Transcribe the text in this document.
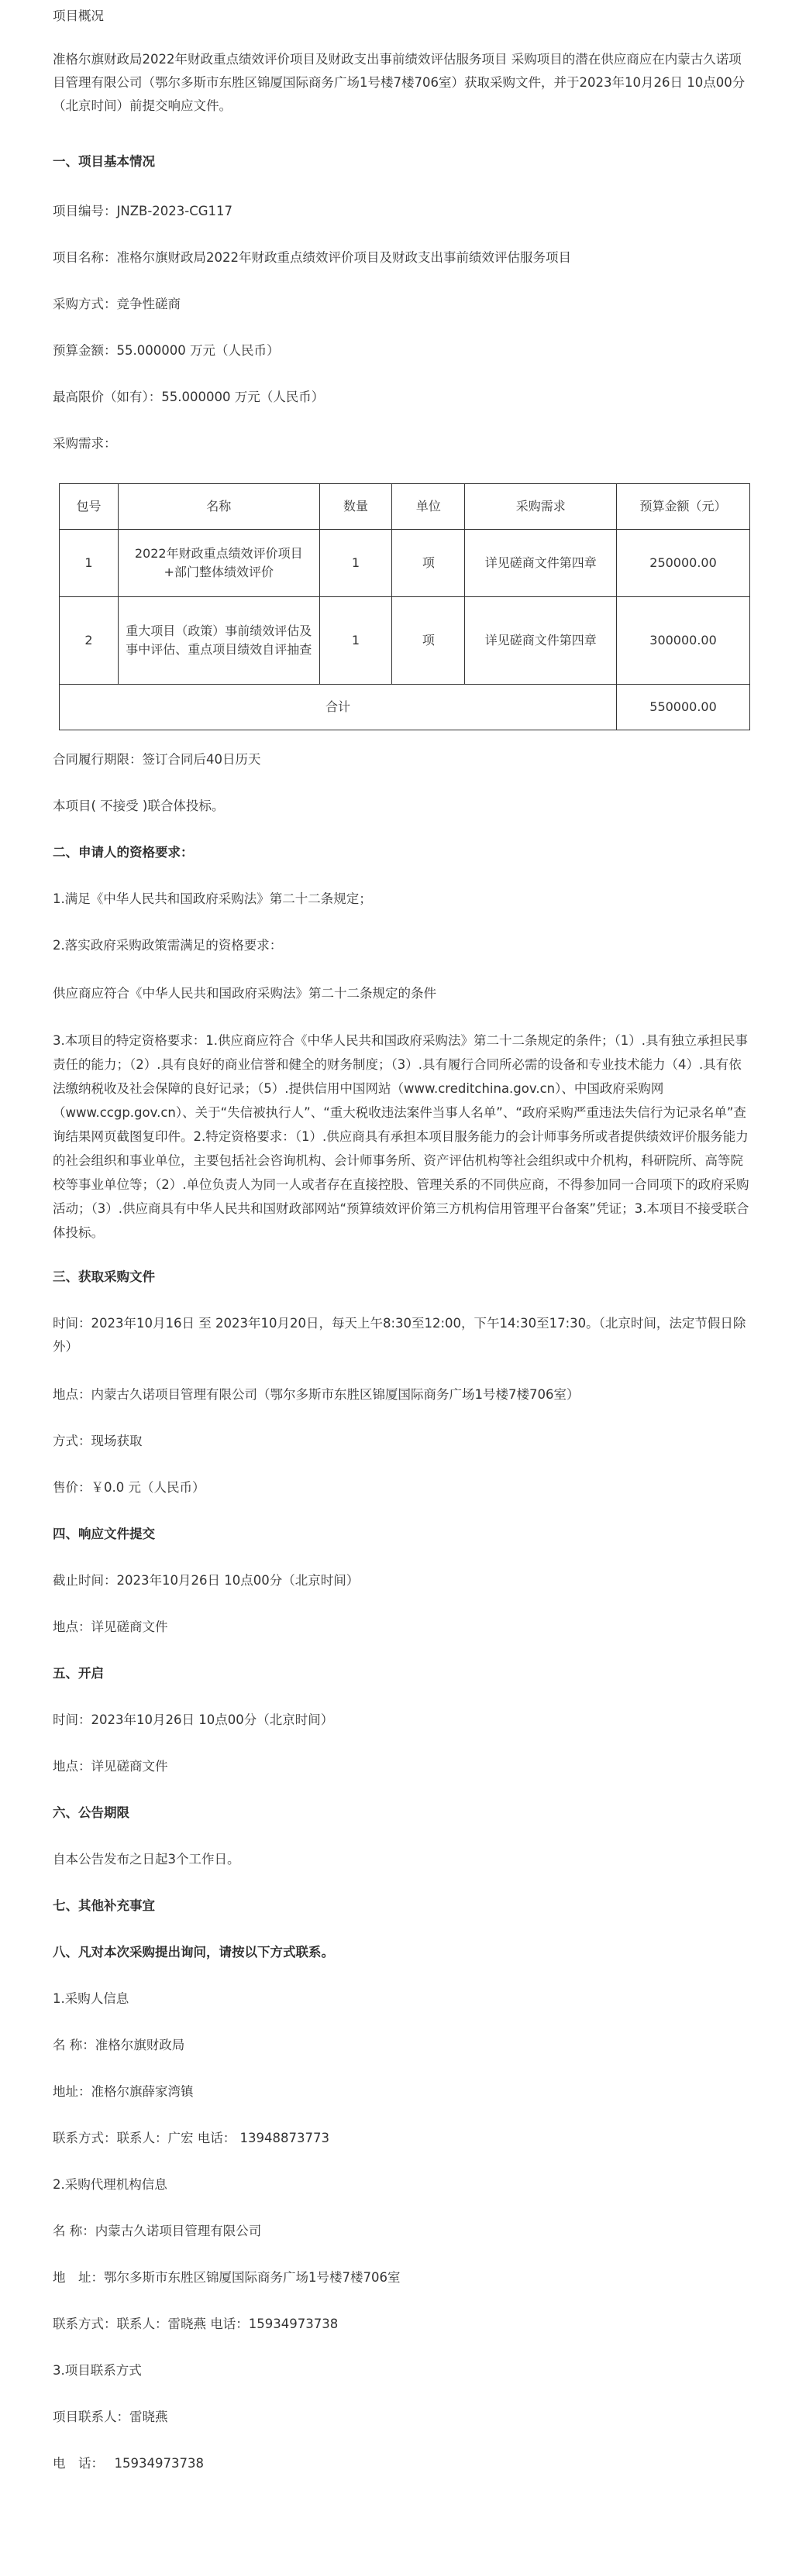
项目概况

准格尔旗财政局2022年财政重点绩效评价项目及财政支出事前绩效评估服务项目 采购项目的潜在供应商应在内蒙古久诺项目管理有限公司（鄂尔多斯市东胜区锦厦国际商务广场1号楼7楼706室）获取采购文件，并于2023年10月26日 10点00分（北京时间）前提交响应文件。

一、项目基本情况

项目编号：JNZB-2023-CG117

项目名称：准格尔旗财政局2022年财政重点绩效评价项目及财政支出事前绩效评估服务项目

采购方式：竞争性磋商

预算金额：55.000000 万元（人民币）

最高限价（如有）：55.000000 万元（人民币）

采购需求：

包号	名称	数量	单位	采购需求	预算金额（元）
1	2022年财政重点绩效评价项目+部门整体绩效评价	1	项	详见磋商文件第四章	250000.00
2	重大项目（政策）事前绩效评估及事中评估、重点项目绩效自评抽查	1	项	详见磋商文件第四章	300000.00
合计					550000.00

合同履行期限：签订合同后40日历天

本项目( 不接受 )联合体投标。

二、申请人的资格要求：

1.满足《中华人民共和国政府采购法》第二十二条规定；

2.落实政府采购政策需满足的资格要求：

供应商应符合《中华人民共和国政府采购法》第二十二条规定的条件

3.本项目的特定资格要求：1.供应商应符合《中华人民共和国政府采购法》第二十二条规定的条件；（1）.具有独立承担民事责任的能力；（2）.具有良好的商业信誉和健全的财务制度；（3）.具有履行合同所必需的设备和专业技术能力（4）.具有依法缴纳税收及社会保障的良好记录；（5）.提供信用中国网站（www.creditchina.gov.cn）、中国政府采购网（www.ccgp.gov.cn）、关于“失信被执行人”、“重大税收违法案件当事人名单”、“政府采购严重违法失信行为记录名单”查询结果网页截图复印件。2.特定资格要求：（1）.供应商具有承担本项目服务能力的会计师事务所或者提供绩效评价服务能力的社会组织和事业单位，主要包括社会咨询机构、会计师事务所、资产评估机构等社会组织或中介机构，科研院所、高等院校等事业单位等；（2）.单位负责人为同一人或者存在直接控股、管理关系的不同供应商，不得参加同一合同项下的政府采购活动；（3）.供应商具有中华人民共和国财政部网站“预算绩效评价第三方机构信用管理平台备案”凭证；3.本项目不接受联合体投标。

三、获取采购文件

时间：2023年10月16日 至 2023年10月20日，每天上午8:30至12:00，下午14:30至17:30。（北京时间，法定节假日除外）

地点：内蒙古久诺项目管理有限公司（鄂尔多斯市东胜区锦厦国际商务广场1号楼7楼706室）

方式：现场获取

售价：￥0.0 元（人民币）

四、响应文件提交

截止时间：2023年10月26日 10点00分（北京时间）

地点：详见磋商文件

五、开启

时间：2023年10月26日 10点00分（北京时间）

地点：详见磋商文件

六、公告期限

自本公告发布之日起3个工作日。

七、其他补充事宜

八、凡对本次采购提出询问，请按以下方式联系。

1.采购人信息

名 称：准格尔旗财政局

地址：准格尔旗薛家湾镇

联系方式：联系人：广宏 电话： 13948873773

2.采购代理机构信息

名 称：内蒙古久诺项目管理有限公司

地　址：鄂尔多斯市东胜区锦厦国际商务广场1号楼7楼706室

联系方式：联系人：雷晓燕 电话：15934973738

3.项目联系方式

项目联系人：雷晓燕

电　话：　 15934973738
